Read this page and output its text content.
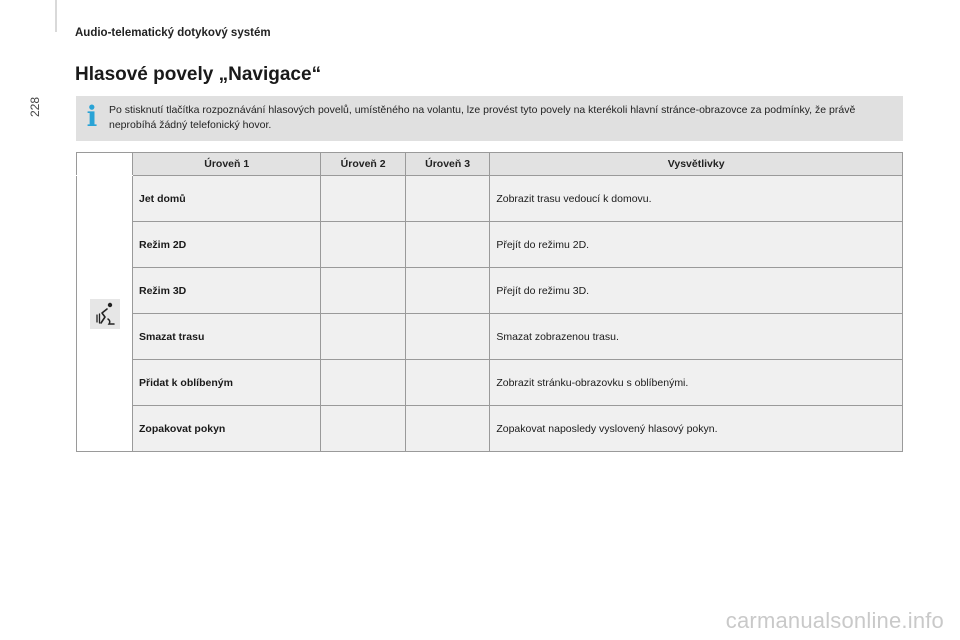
228
Audio-telematický dotykový systém
Hlasové povely „Navigace“
i Po stisknutí tlačítka rozpoznávání hlasových povelů, umístěného na volantu, lze provést tyto povely na kterékoli hlavní stránce-obrazovce za podmínky, že právě neprobíhá žádný telefonický hovor.

	Úroveň 1	Úroveň 2	Úroveň 3	Vysvětlivky

	Jet domů			Zobrazit trasu vedoucí k domovu.
	Režim 2D			Přejít do režimu 2D.
	Režim 3D			Přejít do režimu 3D.
	Smazat trasu			Smazat zobrazenou trasu.
	Přidat k oblíbeným			Zobrazit stránku-obrazovku s oblíbenými.
	Zopakovat pokyn			Zopakovat naposledy vyslovený hlasový pokyn.
carmanualsonline.info
